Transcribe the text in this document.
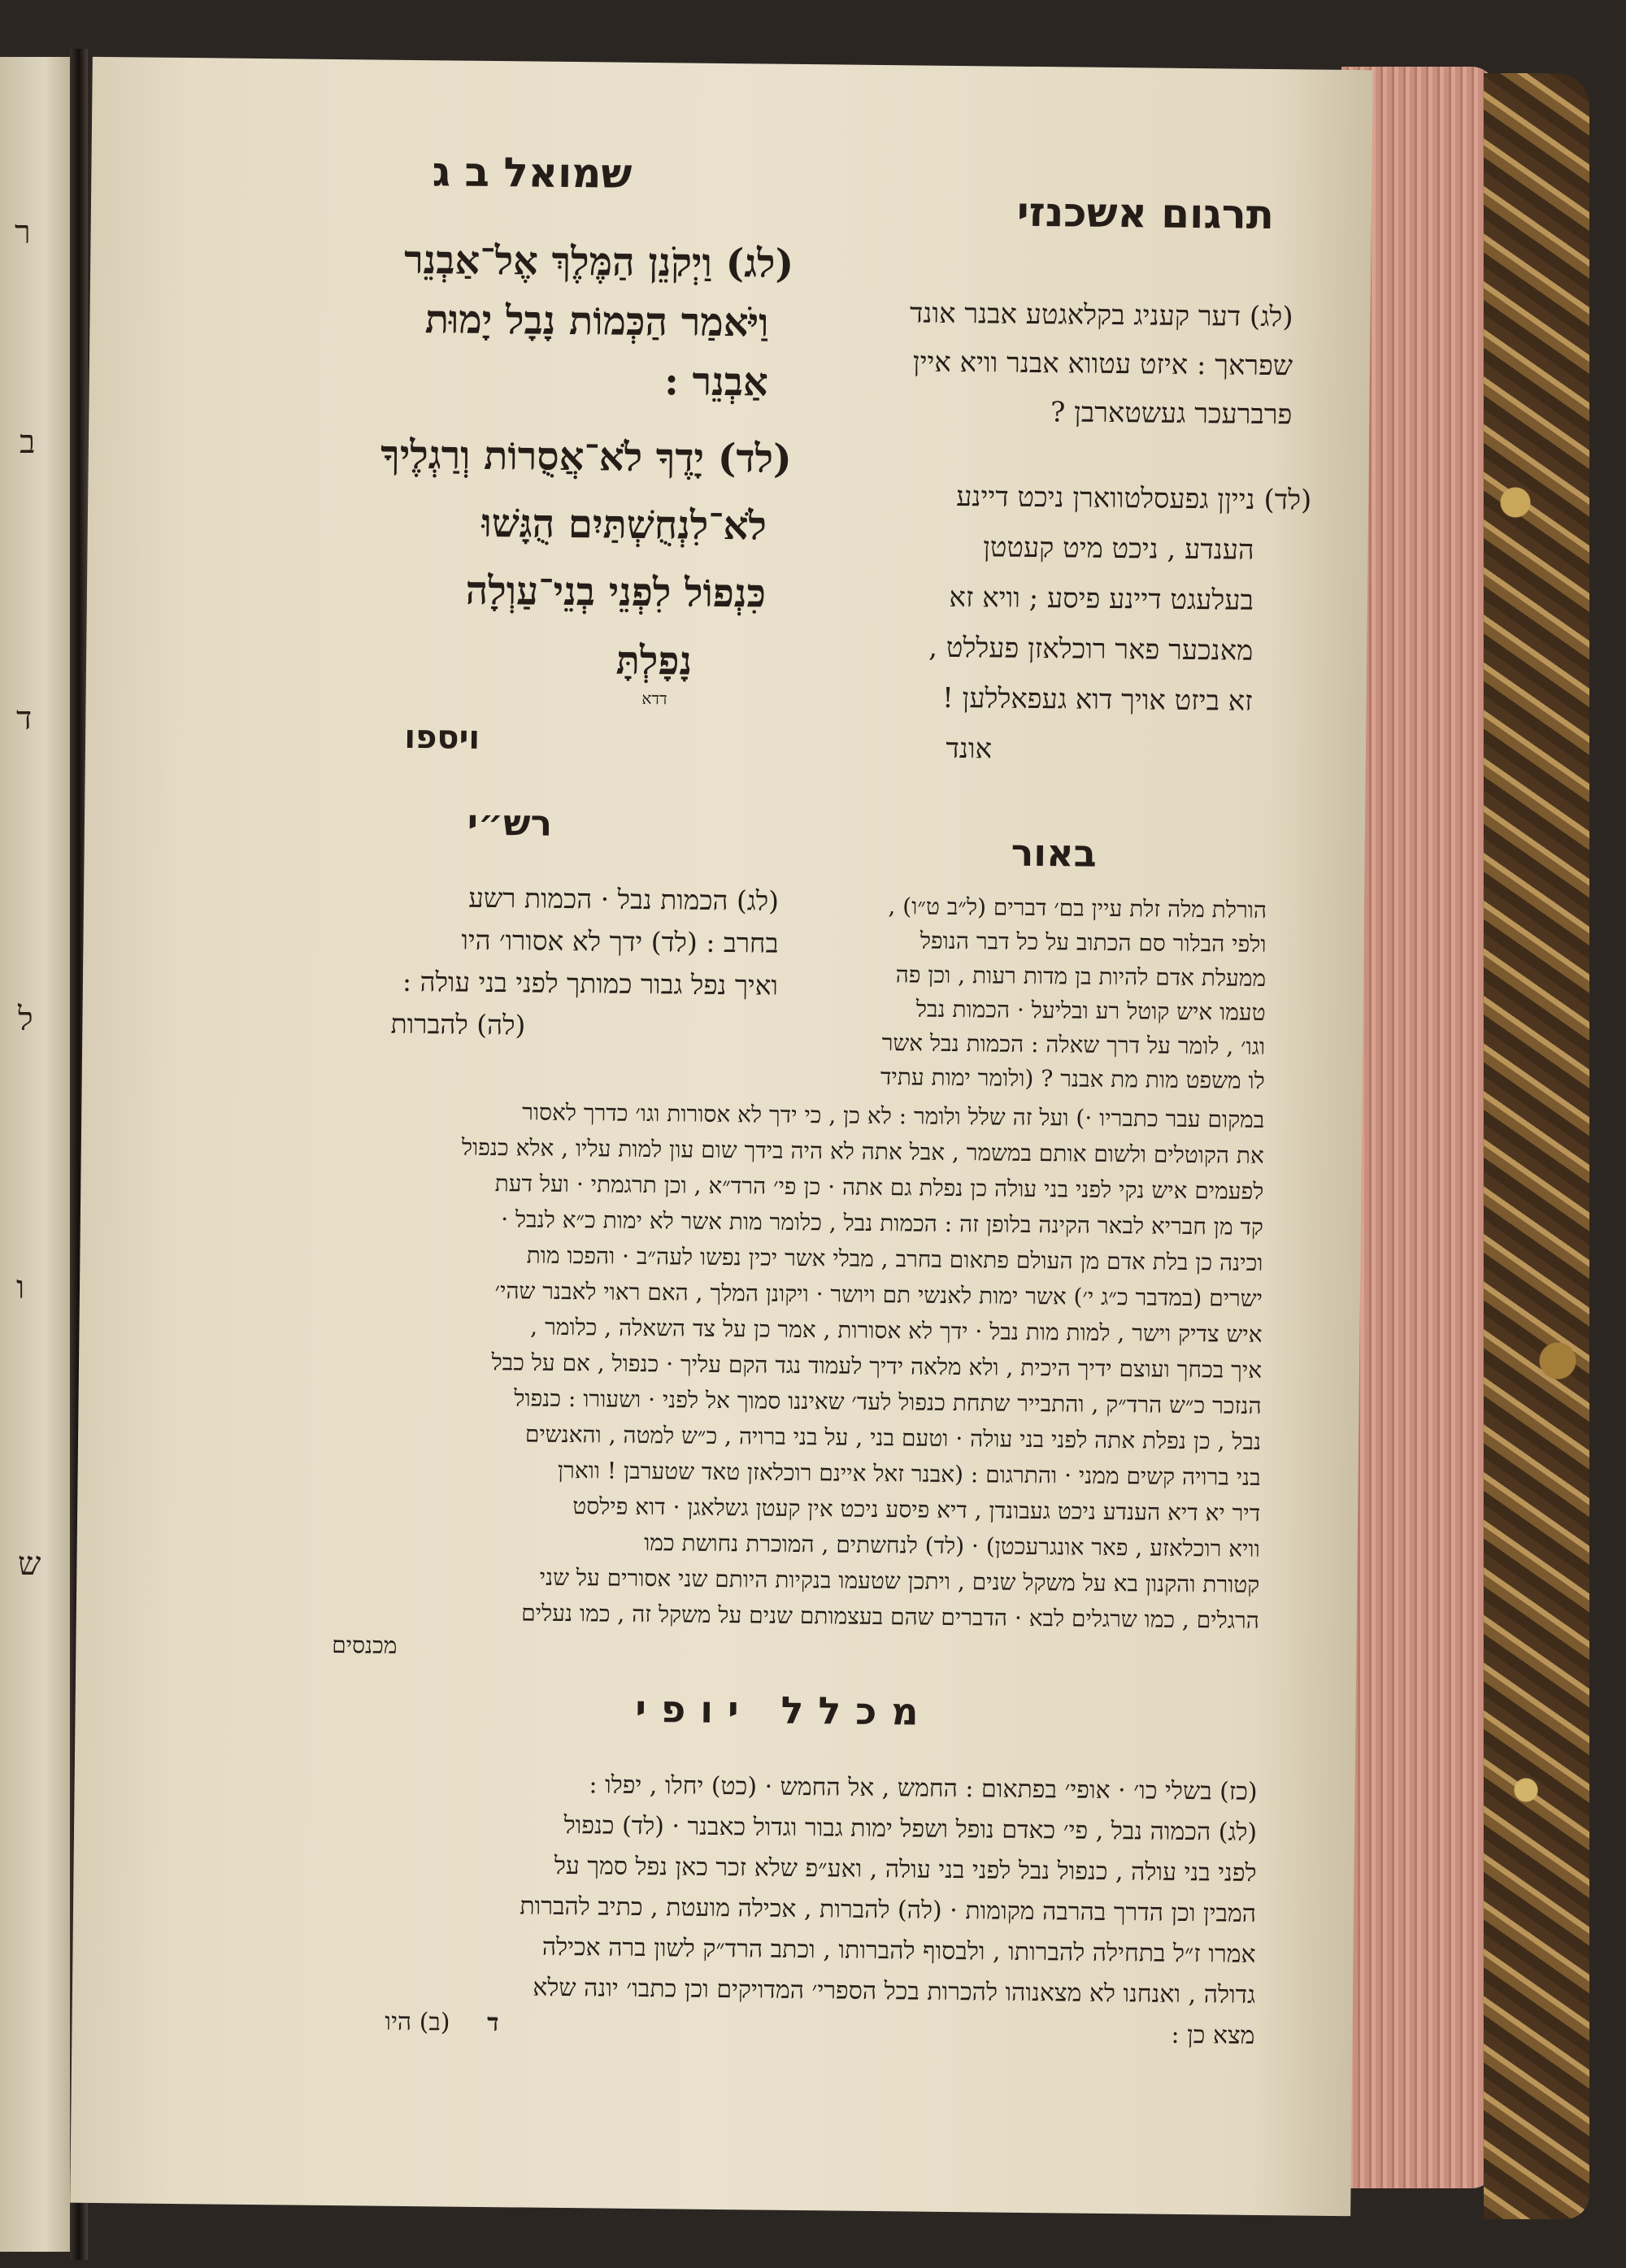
ר
ב
ד
ל
ו
ש
שמואל ב ג
תרגום אשכנזי
(לג) וַיְקֹנֵן הַמֶּלֶךְ אֶל־אַבְנֵר
וַיֹּאמַר הַכְּמוֹת נָבָל יָמוּת
אַבְנֵר :
(לד) יָדֶךָ לֹא־אֲסֻרוֹת וְרַגְלֶיךָ
לֹא־לִנְחֻשְׁתַּיִם הֻגָּשׁוּ
כִּנְפוֹל לִפְנֵי בְנֵי־עַוְלָה
נָפָלְתָּ
דדא
ויספו
(לג) דער קעניג בקלאגטע אבנר אונד
שפראך : איזט עטווא אבנר וויא איין
פרברעכר געשטארבן ?
(לד) נייןן גפעסלטווארן ניכט דיינע
הענדע , ניכט מיט קעטטן
בעלעגט דיינע פיסע ; וויא זא
מאנכער פאר רוכלאזן פעללט ,
זא ביזט אויך דוא געפאללען !
אונד
רש״י
(לג) הכמות נבל · הכמות רשע
בחרב : (לד) ידך לא אסורו׳ היו
ואיך נפל גבור כמותך לפני בני עולה :
(לה) להברות
באור
הורלת מלה זלת עיין בם׳ דברים (ל״ב ט״ו) ,
ולפי הבלור סם הכתוב על כל דבר הנופל
ממעלת אדם להיות בן מדות רעות , וכן פה
טעמו איש קוטל רע ובליעל · הכמות נבל
וגו׳ , לומר על דרך שאלה : הכמות נבל אשר
לו משפט מות מת אבנר ? (ולומר ימות עתיד
במקום עבר כתבריו ·) ועל זה שלל ולומר : לא כן , כי ידך לא אסורות וגו׳ כדרך לאסור
את הקוטלים ולשום אותם במשמר , אבל אתה לא היה בידך שום עון למות עליו , אלא כנפול
לפעמים איש נקי לפני בני עולה כן נפלת גם אתה · כן פי׳ הרד״א , וכן תרגמתי · ועל דעת
קד מן חבריא לבאר הקינה בלופן זה : הכמות נבל , כלומר מות אשר לא ימות כ״א לנבל ·
וכינה כן בלת אדם מן העולם פתאום בחרב , מבלי אשר יכין נפשו לעה״ב · והפכו מות
ישרים (במדבר כ״ג י׳) אשר ימות לאנשי תם ויושר · ויקונן המלך , האם ראוי לאבנר שהי׳
איש צדיק וישר , למות מות נבל · ידך לא אסורות , אמר כן על צד השאלה , כלומר ,
איך בכחך ועוצם ידיך היכית , ולא מלאה ידיך לעמוד נגד הקם עליך · כנפול , אם על כבל
הנזכר כ״ש הרד״ק , והתבייר שתחת כנפול לעד׳ שאיננו סמוך אל לפני · ושעורו : כנפול
נבל , כן נפלת אתה לפני בני עולה · וטעם בני , על בני ברויה , כ״ש למטה , והאנשים
בני ברויה קשים ממני · והתרגום : (אבנר זאל איינם רוכלאזן טאד שטערבן ! ווארן
דיר יא דיא הענדע ניכט געבונדן , דיא פיסע ניכט אין קעטן גשלאגן · דוא פילסט
וויא רוכלאזע , פאר אונגרעכטן) · (לד) לנחשתים , המוכרת נחושת כמו
קטורת והקנון בא על משקל שנים , ויתכן שטעמו בנקיות היותם שני אסורים על שני
הרגלים , כמו שרגלים לבא · הדברים שהם בעצמותם שנים על משקל זה , כמו נעלים
מכנסים
מכלל יופי
(כז) בשלי כו׳ · אופי׳ בפתאום : החמש , אל החמש · (כט) יחלו , יפלו :
(לג) הכמוה נבל , פי׳ כאדם נופל ושפל ימות גבור וגדול כאבנר · (לד) כנפול
לפני בני עולה , כנפול נבל לפני בני עולה , ואע״פ שלא זכר כאן נפל סמך על
המבין וכן הדרך בהרבה מקומות · (לה) להברות , אכילה מועטת , כתיב להברות
אמרו ז״ל בתחילה להברותו , ולבסוף להברותו , וכתב הרד״ק לשון ברה אכילה
גדולה , ואנחנו לא מצאנוהו להכרות בכל הספרי׳ המדויקים וכן כתבו׳ יונה שלא
מצא כן :
ד
(ב) היו
